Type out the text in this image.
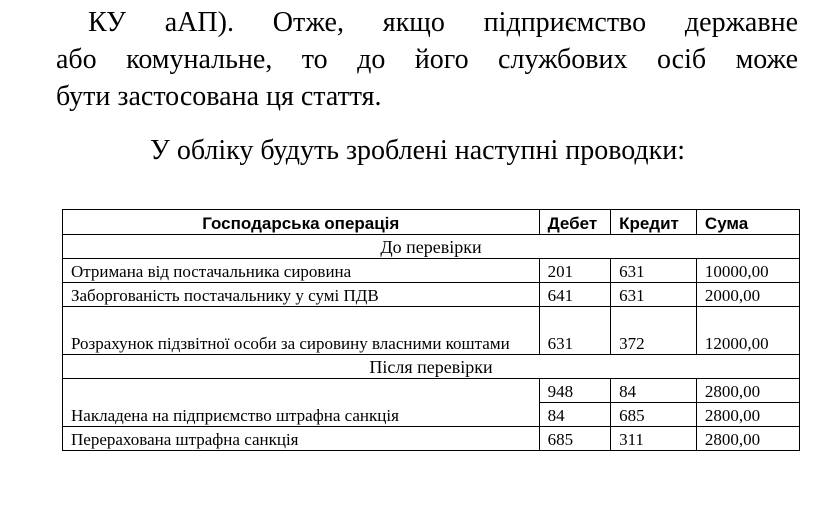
КУ аАП). Отже, якщо підприємство державне

або комунальне, то до його службових осіб може

бути застосована ця стаття.

У обліку будуть зроблені наступні проводки:

Господарська операція	Дебет	Кредит	Сума
До перевірки			
Отримана від постачальника сировина	201	631	10000,00
Заборгованість постачальнику у сумі ПДВ	641	631	2000,00
Розрахунок підзвітної особи за сировину власними коштами	631	372	12000,00
Після перевірки			
Накладена на підприємство штрафна санкція	948	84	2800,00
	84	685	2800,00
Перерахована штрафна санкція	685	311	2800,00
